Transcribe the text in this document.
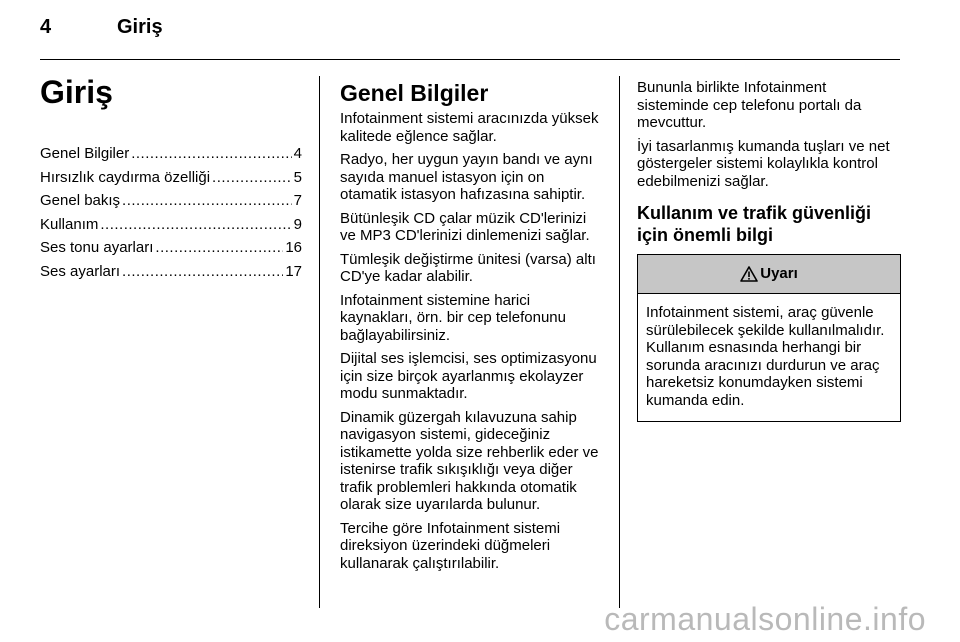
4	Giriş
Giriş
Genel Bilgiler .....	4
Hırsızlık caydırma özelliği .....	5
Genel bakış .....	7
Kullanım .....	9
Ses tonu ayarları .....	16
Ses ayarları .....	17
Genel Bilgiler

Infotainment sistemi aracınızda yüksek kalitede eğlence sağlar.

Radyo, her uygun yayın bandı ve aynı sayıda manuel istasyon için on otamatik istasyon hafızasına sahiptir.

Bütünleşik CD çalar müzik CD'lerinizi ve MP3 CD'lerinizi dinlemenizi sağlar.

Tümleşik değiştirme ünitesi (varsa) altı CD'ye kadar alabilir.

Infotainment sistemine harici kaynakları, örn. bir cep telefonunu bağlayabilirsiniz.

Dijital ses işlemcisi, ses optimizasyonu için size birçok ayarlanmış ekolayzer modu sunmaktadır.

Dinamik güzergah kılavuzuna sahip navigasyon sistemi, gideceğiniz istikamette yolda size rehberlik eder ve istenirse trafik sıkışıklığı veya diğer trafik problemleri hakkında otomatik olarak size uyarılarda bulunur.

Tercihe göre Infotainment sistemi direksiyon üzerindeki düğmeleri kullanarak çalıştırılabilir.

Bununla birlikte Infotainment sisteminde cep telefonu portalı da mevcuttur.

İyi tasarlanmış kumanda tuşları ve net göstergeler sistemi kolaylıkla kontrol edebilmenizi sağlar.

Kullanım ve trafik güvenliği için önemli bilgi
Uyarı
Infotainment sistemi, araç güvenle sürülebilecek şekilde kullanılmalıdır. Kullanım esnasında herhangi bir sorunda aracınızı durdurun ve araç hareketsiz konumdayken sistemi kumanda edin.
carmanualsonline.info
